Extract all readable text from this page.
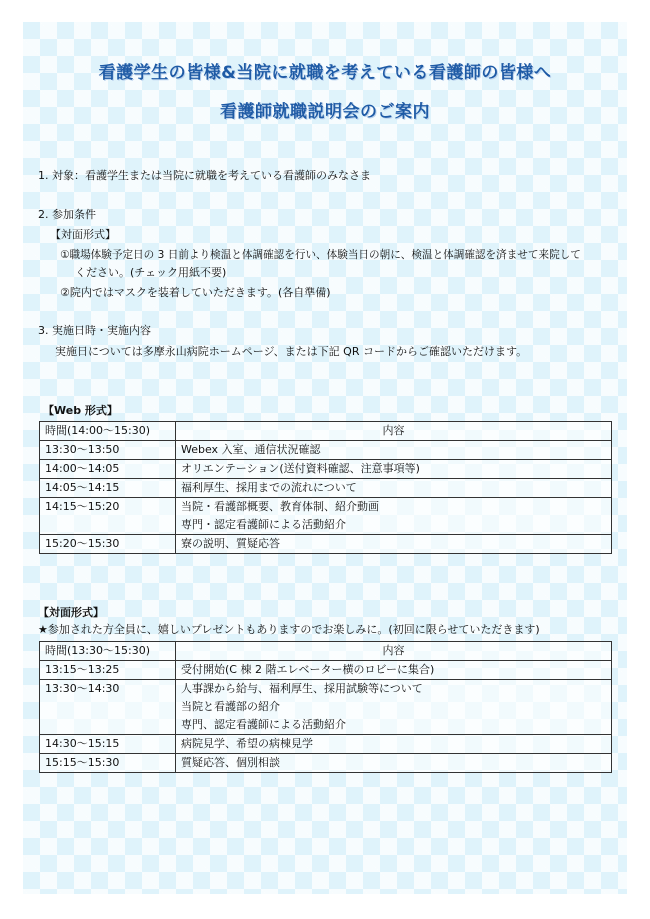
看護学生の皆様&当院に就職を考えている看護師の皆様へ
看護師就職説明会のご案内
1. 対象：看護学生または当院に就職を考えている看護師のみなさま
2. 参加条件
【対面形式】
①職場体験予定日の 3 日前より検温と体調確認を行い、体験当日の朝に、検温と体調確認を済ませて来院して
ください。(チェック用紙不要)
②院内ではマスクを装着していただきます。(各自準備)
3. 実施日時・実施内容
実施日については多摩永山病院ホームページ、または下記 QR コードからご確認いただけます。
【Web 形式】
時間(14:00～15:30)	内容
13:30～13:50	Webex 入室、通信状況確認
14:00～14:05	オリエンテーション(送付資料確認、注意事項等)
14:05～14:15	福利厚生、採用までの流れについて
14:15～15:20	当院・看護部概要、教育体制、紹介動画
専門・認定看護師による活動紹介

15:20～15:30	寮の説明、質疑応答
【対面形式】
★参加された方全員に、嬉しいプレゼントもありますのでお楽しみに。(初回に限らせていただきます)
時間(13:30～15:30)	内容
13:15～13:25	受付開始(C 棟 2 階エレベーター横のロビーに集合)
13:30～14:30	人事課から給与、福利厚生、採用試験等について
当院と看護部の紹介
専門、認定看護師による活動紹介

14:30～15:15	病院見学、希望の病棟見学
15:15～15:30	質疑応答、個別相談
